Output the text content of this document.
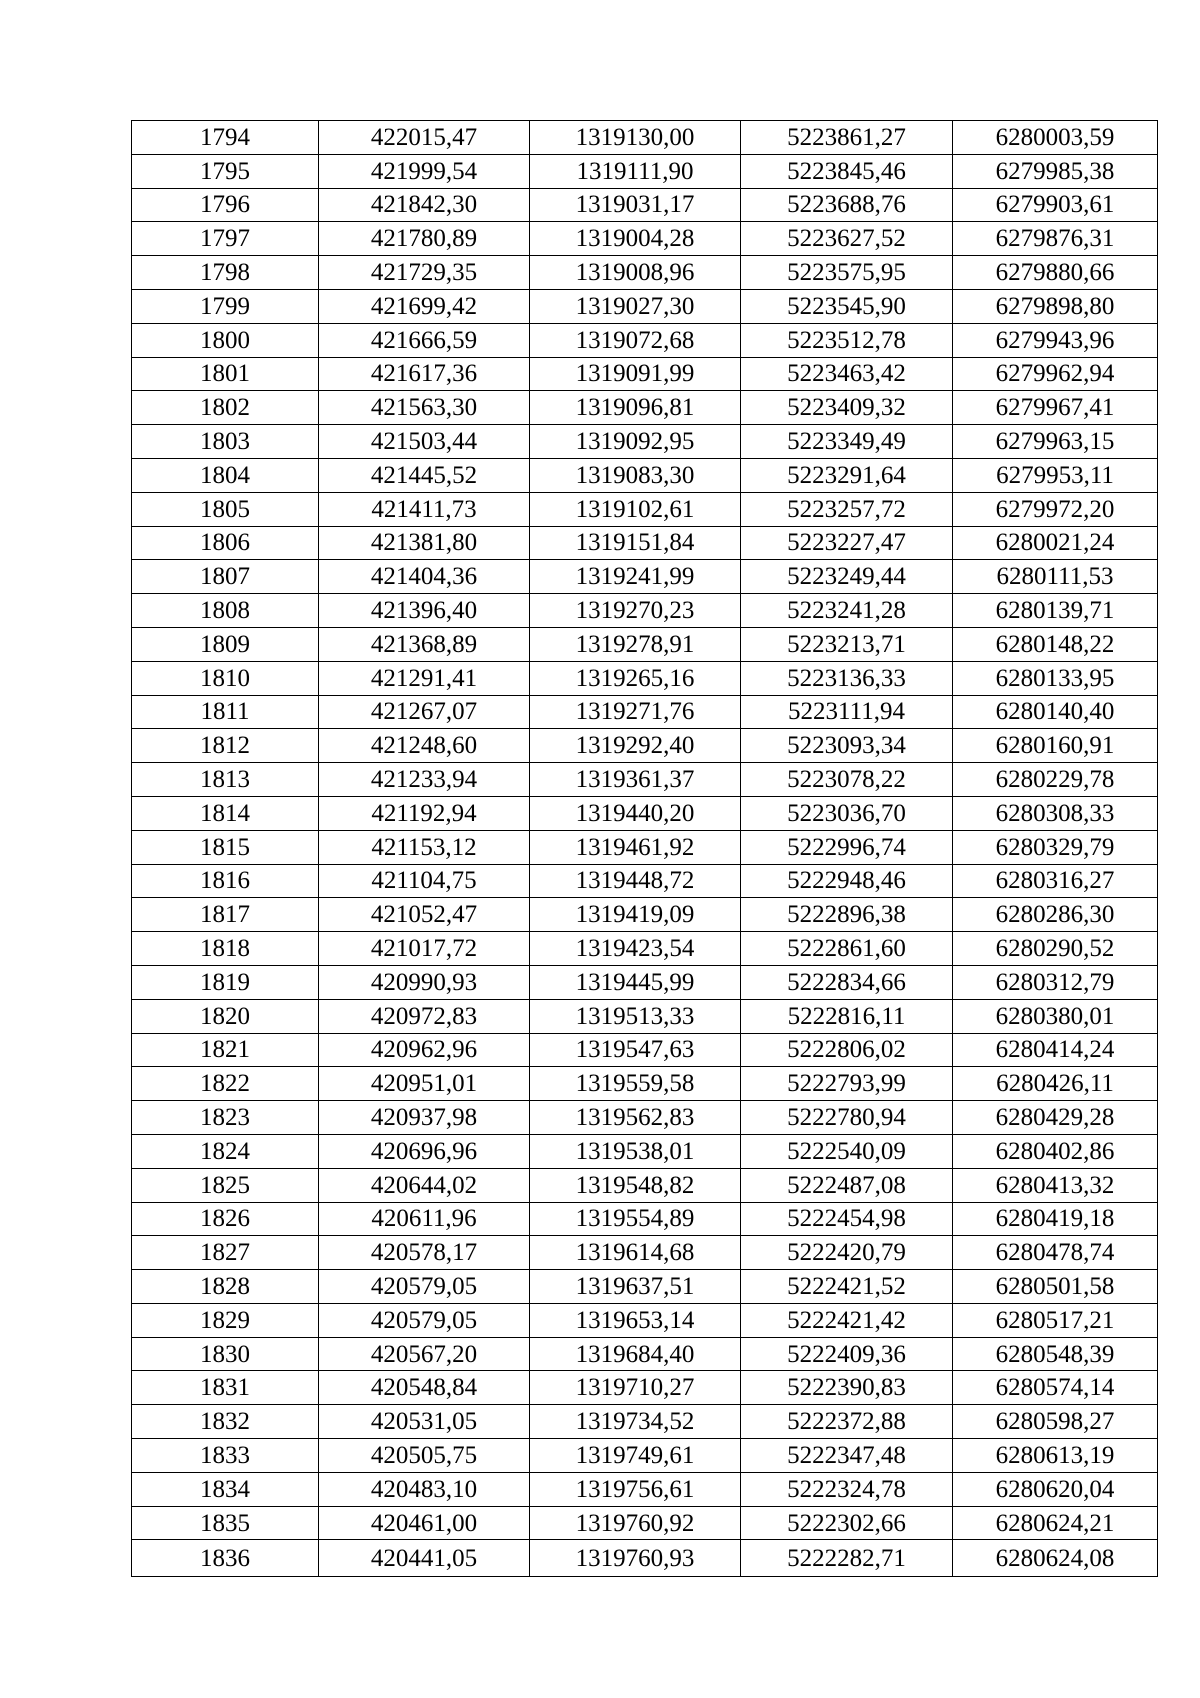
1794	422015,47	1319130,00	5223861,27	6280003,59
1795	421999,54	1319111,90	5223845,46	6279985,38
1796	421842,30	1319031,17	5223688,76	6279903,61
1797	421780,89	1319004,28	5223627,52	6279876,31
1798	421729,35	1319008,96	5223575,95	6279880,66
1799	421699,42	1319027,30	5223545,90	6279898,80
1800	421666,59	1319072,68	5223512,78	6279943,96
1801	421617,36	1319091,99	5223463,42	6279962,94
1802	421563,30	1319096,81	5223409,32	6279967,41
1803	421503,44	1319092,95	5223349,49	6279963,15
1804	421445,52	1319083,30	5223291,64	6279953,11
1805	421411,73	1319102,61	5223257,72	6279972,20
1806	421381,80	1319151,84	5223227,47	6280021,24
1807	421404,36	1319241,99	5223249,44	6280111,53
1808	421396,40	1319270,23	5223241,28	6280139,71
1809	421368,89	1319278,91	5223213,71	6280148,22
1810	421291,41	1319265,16	5223136,33	6280133,95
1811	421267,07	1319271,76	5223111,94	6280140,40
1812	421248,60	1319292,40	5223093,34	6280160,91
1813	421233,94	1319361,37	5223078,22	6280229,78
1814	421192,94	1319440,20	5223036,70	6280308,33
1815	421153,12	1319461,92	5222996,74	6280329,79
1816	421104,75	1319448,72	5222948,46	6280316,27
1817	421052,47	1319419,09	5222896,38	6280286,30
1818	421017,72	1319423,54	5222861,60	6280290,52
1819	420990,93	1319445,99	5222834,66	6280312,79
1820	420972,83	1319513,33	5222816,11	6280380,01
1821	420962,96	1319547,63	5222806,02	6280414,24
1822	420951,01	1319559,58	5222793,99	6280426,11
1823	420937,98	1319562,83	5222780,94	6280429,28
1824	420696,96	1319538,01	5222540,09	6280402,86
1825	420644,02	1319548,82	5222487,08	6280413,32
1826	420611,96	1319554,89	5222454,98	6280419,18
1827	420578,17	1319614,68	5222420,79	6280478,74
1828	420579,05	1319637,51	5222421,52	6280501,58
1829	420579,05	1319653,14	5222421,42	6280517,21
1830	420567,20	1319684,40	5222409,36	6280548,39
1831	420548,84	1319710,27	5222390,83	6280574,14
1832	420531,05	1319734,52	5222372,88	6280598,27
1833	420505,75	1319749,61	5222347,48	6280613,19
1834	420483,10	1319756,61	5222324,78	6280620,04
1835	420461,00	1319760,92	5222302,66	6280624,21
1836	420441,05	1319760,93	5222282,71	6280624,08
